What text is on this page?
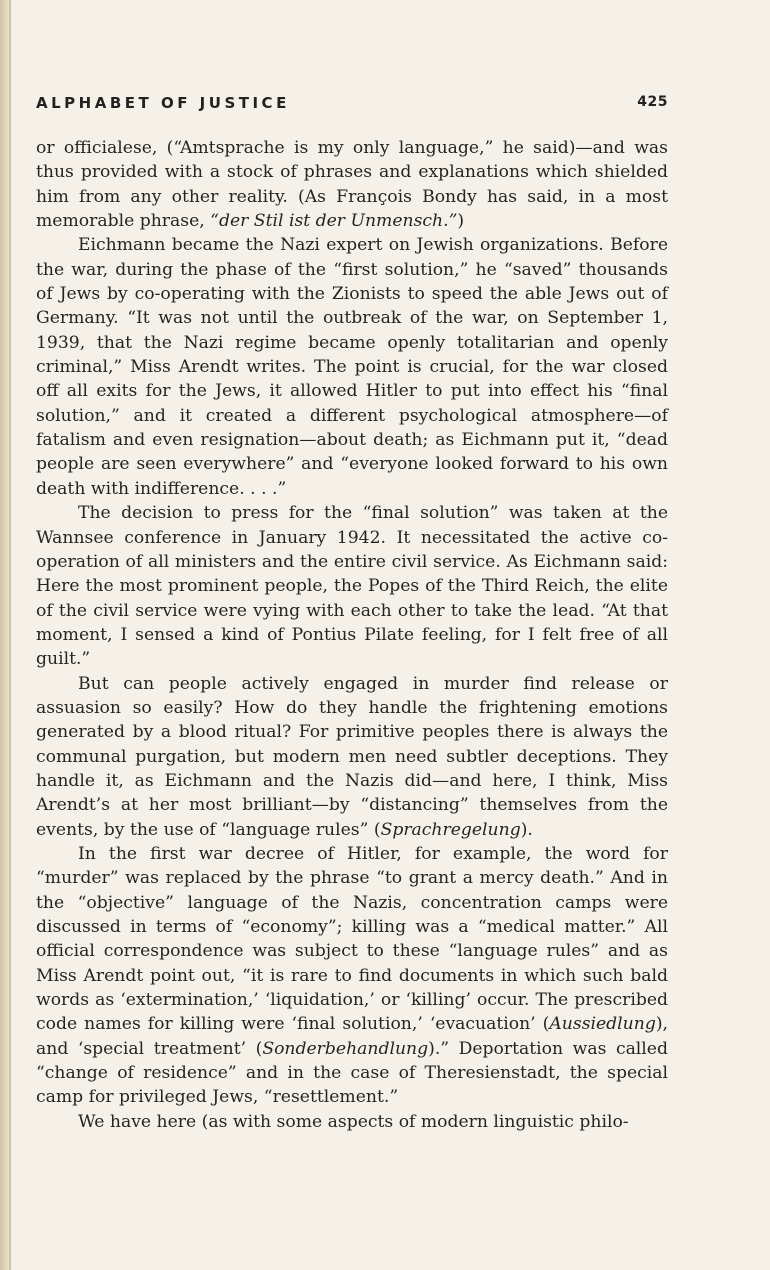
ALPHABET OF JUSTICE	425

or officialese, (“Amtsprache is my only language,” he said)—and was thus provided with a stock of phrases and explanations which shielded him from any other reality. (As François Bondy has said, in a most memorable phrase, “der Stil ist der Unmensch.”)

Eichmann became the Nazi expert on Jewish organizations. Before the war, during the phase of the “first solution,” he “saved” thousands of Jews by co-operating with the Zionists to speed the able Jews out of Germany. “It was not until the outbreak of the war, on September 1, 1939, that the Nazi regime became openly totalitarian and openly criminal,” Miss Arendt writes. The point is crucial, for the war closed off all exits for the Jews, it allowed Hitler to put into effect his “final solution,” and it created a different psychological atmosphere—of fatalism and even resignation—about death; as Eichmann put it, “dead people are seen everywhere” and “everyone looked forward to his own death with indifference. . . .”

The decision to press for the “final solution” was taken at the Wannsee conference in January 1942. It necessitated the active co-operation of all ministers and the entire civil service. As Eichmann said: Here the most prominent people, the Popes of the Third Reich, the elite of the civil service were vying with each other to take the lead. “At that moment, I sensed a kind of Pontius Pilate feeling, for I felt free of all guilt.”

But can people actively engaged in murder find release or assuasion so easily? How do they handle the frightening emotions generated by a blood ritual? For primitive peoples there is always the communal purgation, but modern men need subtler deceptions. They handle it, as Eichmann and the Nazis did—and here, I think, Miss Arendt’s at her most brilliant—by “distancing” themselves from the events, by the use of “language rules” (Sprachregelung).

In the first war decree of Hitler, for example, the word for “murder” was replaced by the phrase “to grant a mercy death.” And in the “objective” language of the Nazis, concentration camps were discussed in terms of “economy”; killing was a “medical matter.” All official correspondence was subject to these “language rules” and as Miss Arendt point out, “it is rare to find documents in which such bald words as ‘extermination,’ ‘liquidation,’ or ‘killing’ occur. The prescribed code names for killing were ‘final solution,’ ‘evacuation’ (Aussiedlung), and ‘special treatment’ (Sonderbehandlung).” Deportation was called “change of residence” and in the case of Theresienstadt, the special camp for privileged Jews, “resettlement.”

We have here (as with some aspects of modern linguistic philo-
